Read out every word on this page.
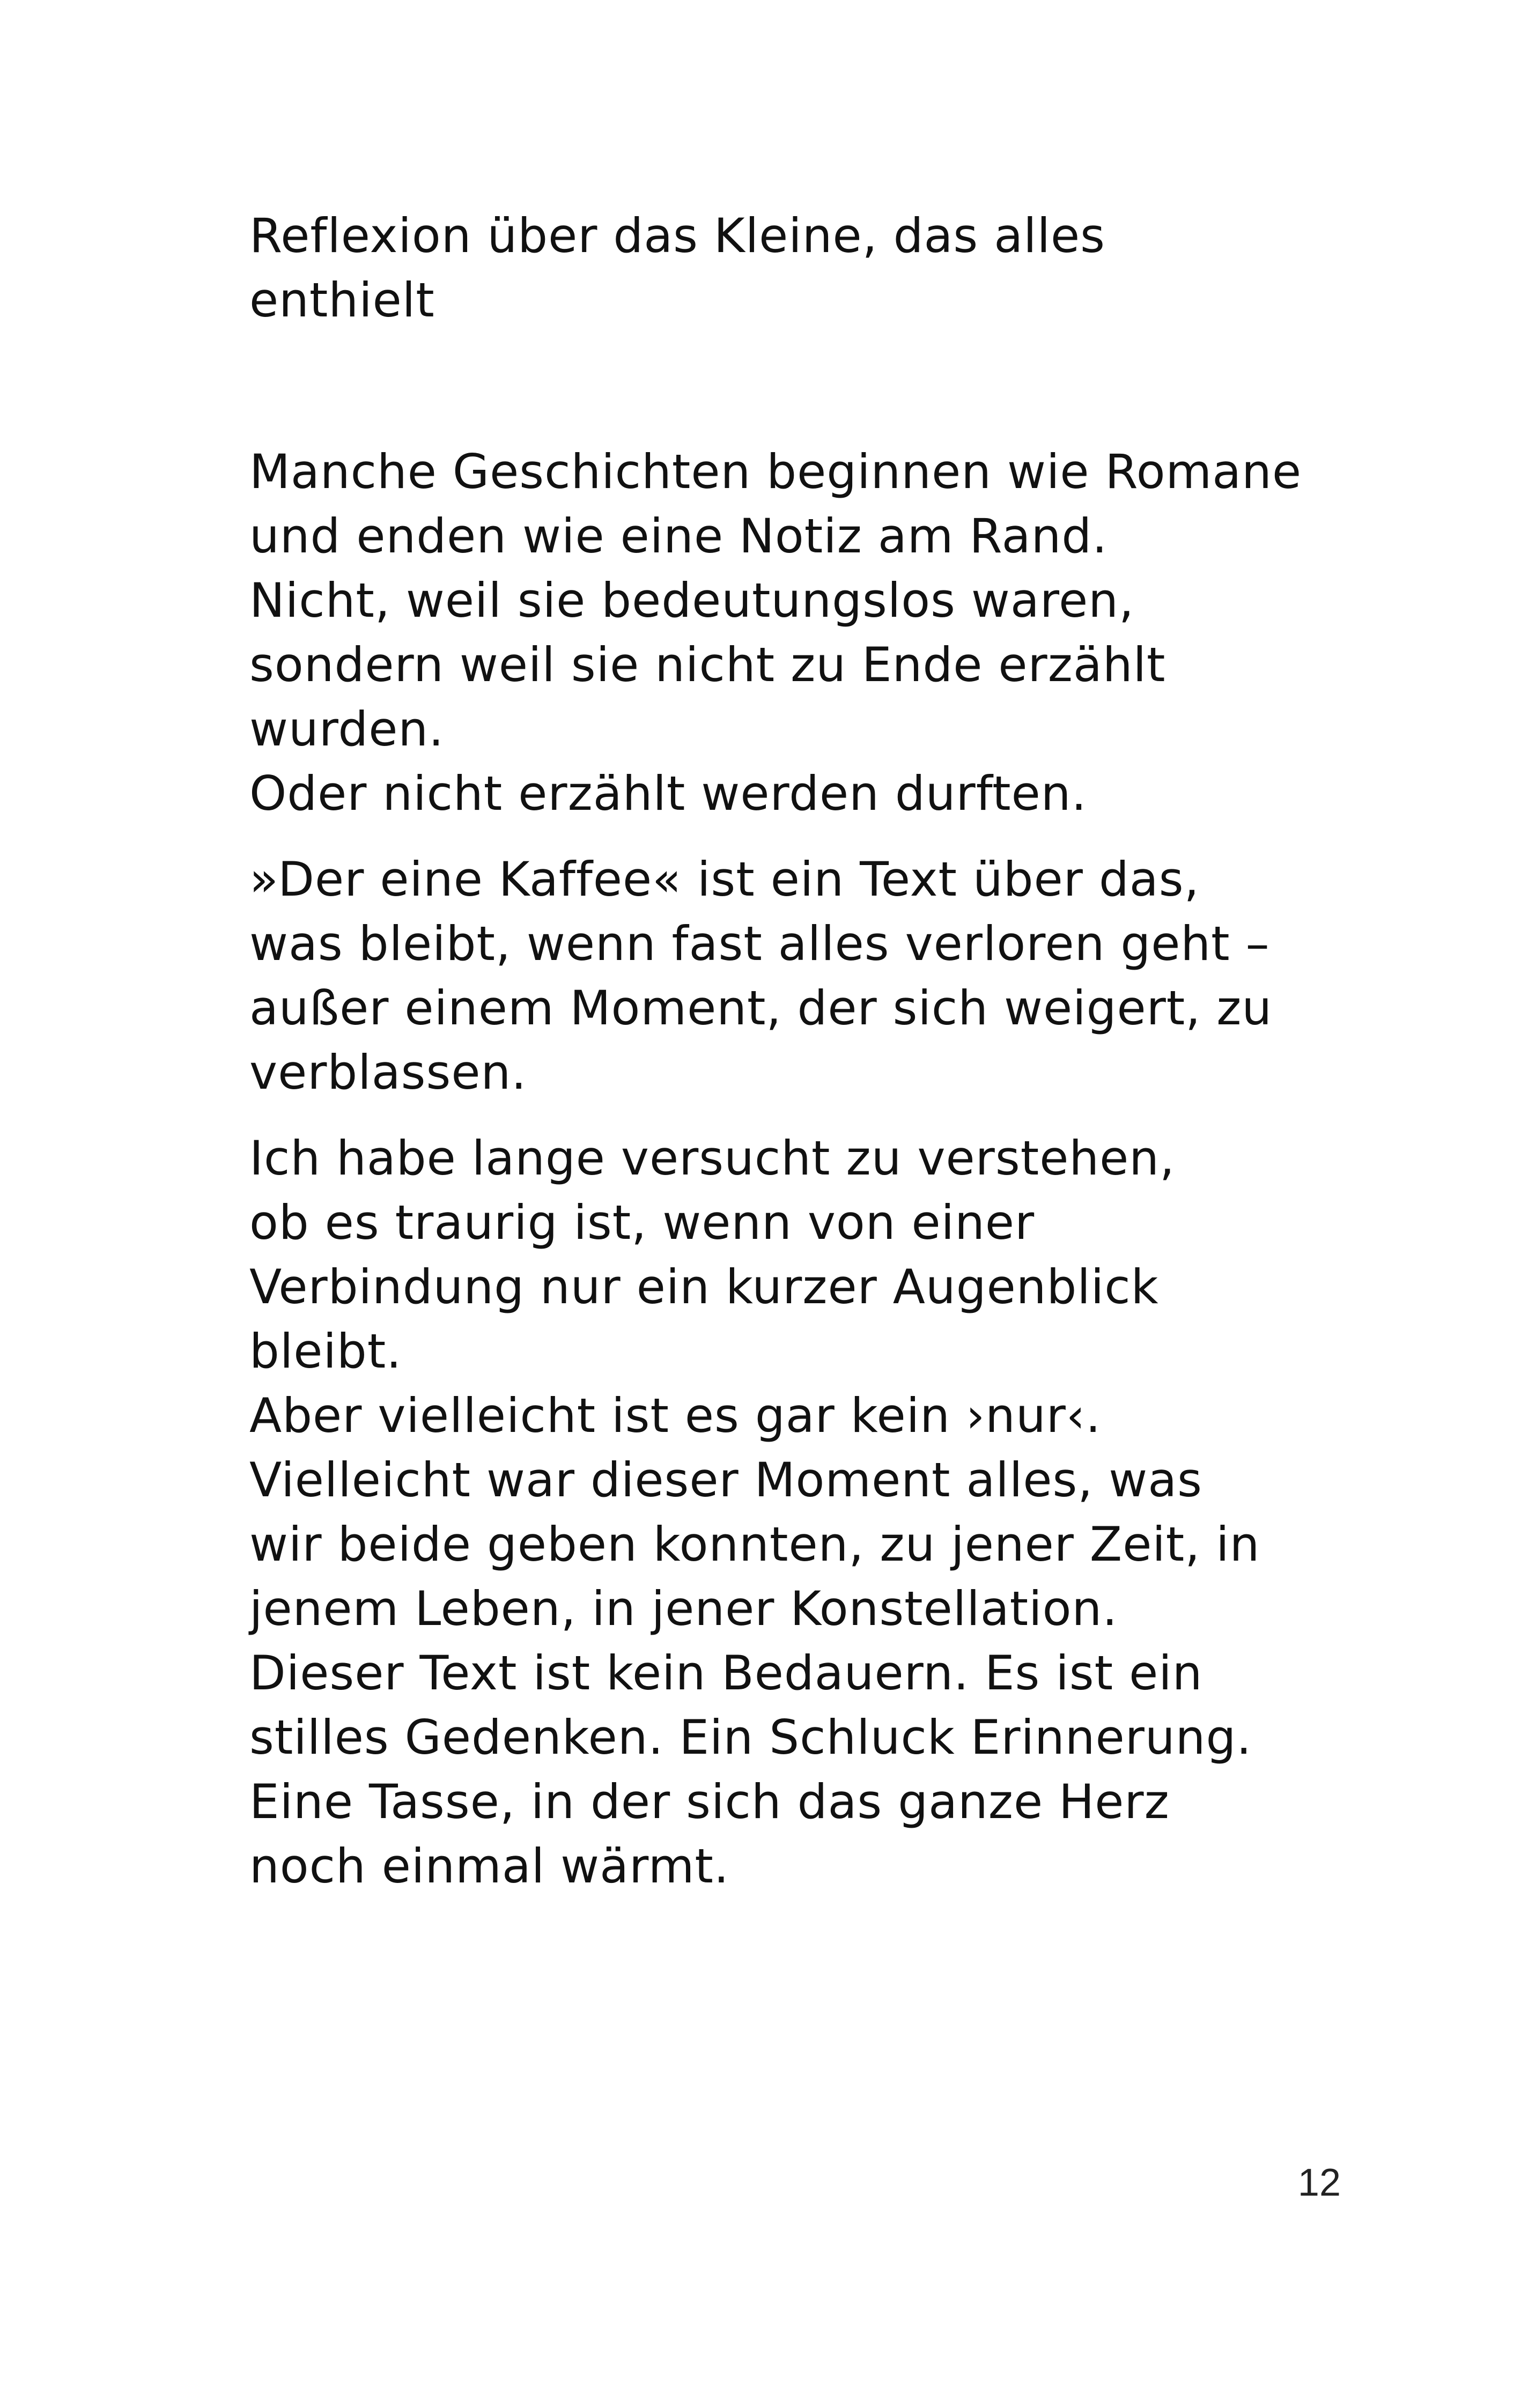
Reflexion über das Kleine, das alles
enthielt
Manche Geschichten beginnen wie Romane
und enden wie eine Notiz am Rand.
Nicht, weil sie bedeutungslos waren,
sondern weil sie nicht zu Ende erzählt
wurden.
Oder nicht erzählt werden durften.
»Der eine Kaffee« ist ein Text über das,
was bleibt, wenn fast alles verloren geht –
außer einem Moment, der sich weigert, zu
verblassen.
Ich habe lange versucht zu verstehen,
ob es traurig ist, wenn von einer
Verbindung nur ein kurzer Augenblick
bleibt.
Aber vielleicht ist es gar kein ›nur‹.
Vielleicht war dieser Moment alles, was
wir beide geben konnten, zu jener Zeit, in
jenem Leben, in jener Konstellation.
Dieser Text ist kein Bedauern. Es ist ein
stilles Gedenken. Ein Schluck Erinnerung.
Eine Tasse, in der sich das ganze Herz
noch einmal wärmt.
12
